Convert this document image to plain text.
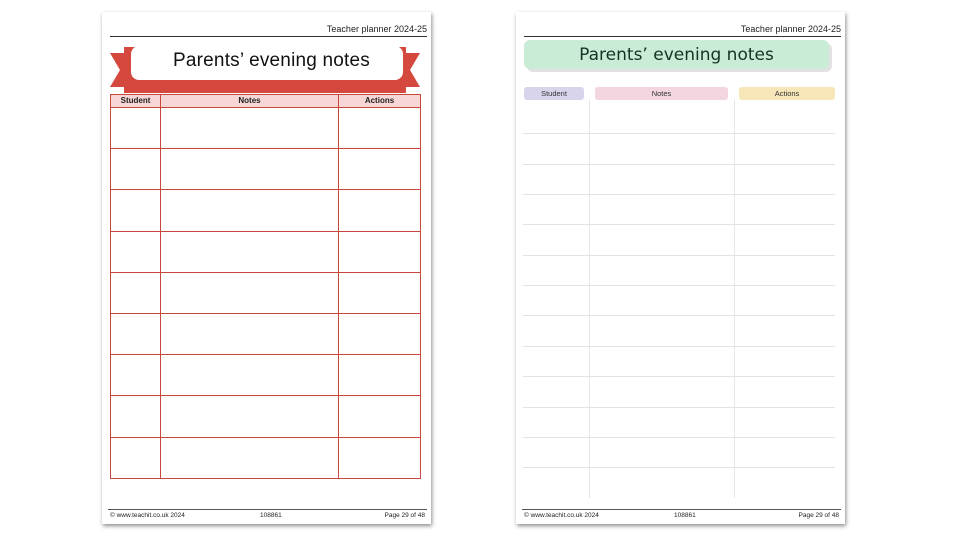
Teacher planner 2024-25
Parents’ evening notes
Student	Notes	Actions

© www.teachit.co.uk 2024	108861	Page 29 of 48
Teacher planner 2024-25
Parents’ evening notes
Student	Notes	Actions
© www.teachit.co.uk 2024	108861	Page 29 of 48
